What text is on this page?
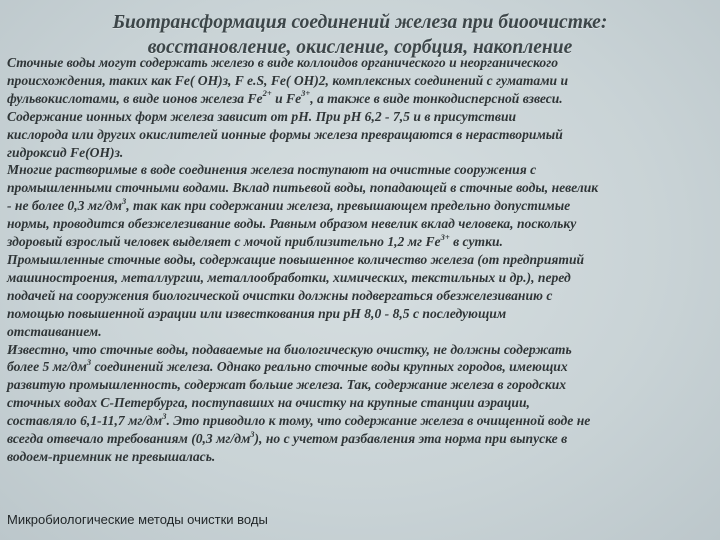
Биотрансформация соединений железа при биоочистке:
восстановление, окисление, сорбция, накопление

Сточные воды могут содержать железо в виде коллоидов органического и неорганического
происхождения, таких как Fe( OH)з, F e.S, Fe( OH)2, комплексных соединений с гуматами и
фульвокислотами, в виде ионов железа $Fe^{2+}$ и $Fe^{3+}$, а также в виде тонкодисперсной взвеси.
Содержание ионных форм железа зависит от рН. При рН 6,2 - 7,5 и в присутствии
кислорода или других окислителей ионные формы железа превращаются в нерастворимый
гидроксид Fe(OH)з.

Многие растворимые в воде соединения железа поступают на очистные сооружения с
промышленными сточными водами. Вклад питьевой воды, попадающей в сточные воды, невелик
- не более 0,3 $мг/дм^3$, так как при содержании железа, превышающем предельно допустимые
нормы, проводится обезжелезивание воды. Равным образом невелик вклад человека, поскольку
здоровый взрослый человек выделяет с мочой приблизительно 1,2 мг $Fe^{3+}$ в сутки.

Промышленные сточные воды, содержащие повышенное количество железа (от предприятий
машиностроения, металлургии, металлообработки, химических, текстильных и др.), перед
подачей на сооружения биологической очистки должны подвергаться обезжелезиванию с
помощью повышенной аэрации или известкования при рН 8,0 - 8,5 с последующим
отстаиванием.

Известно, что сточные воды, подаваемые на биологическую очистку, не должны содержать
более 5 $мг/дм^3$ соединений железа. Однако реально сточные воды крупных городов, имеющих
развитую промышленность, содержат больше железа. Так, содержание железа в городских
сточных водах С-Петербурга, поступавших на очистку на крупные станции аэрации,
составляло 6,1-11,7 $мг/дм^3$. Это приводило к тому, что содержание железа в очищенной воде не
всегда отвечало требованиям (0,3 $мг/дм^3$), но с учетом разбавления эта норма при выпуске в
водоем-приемник не превышалась.

Микробиологические методы очистки воды
